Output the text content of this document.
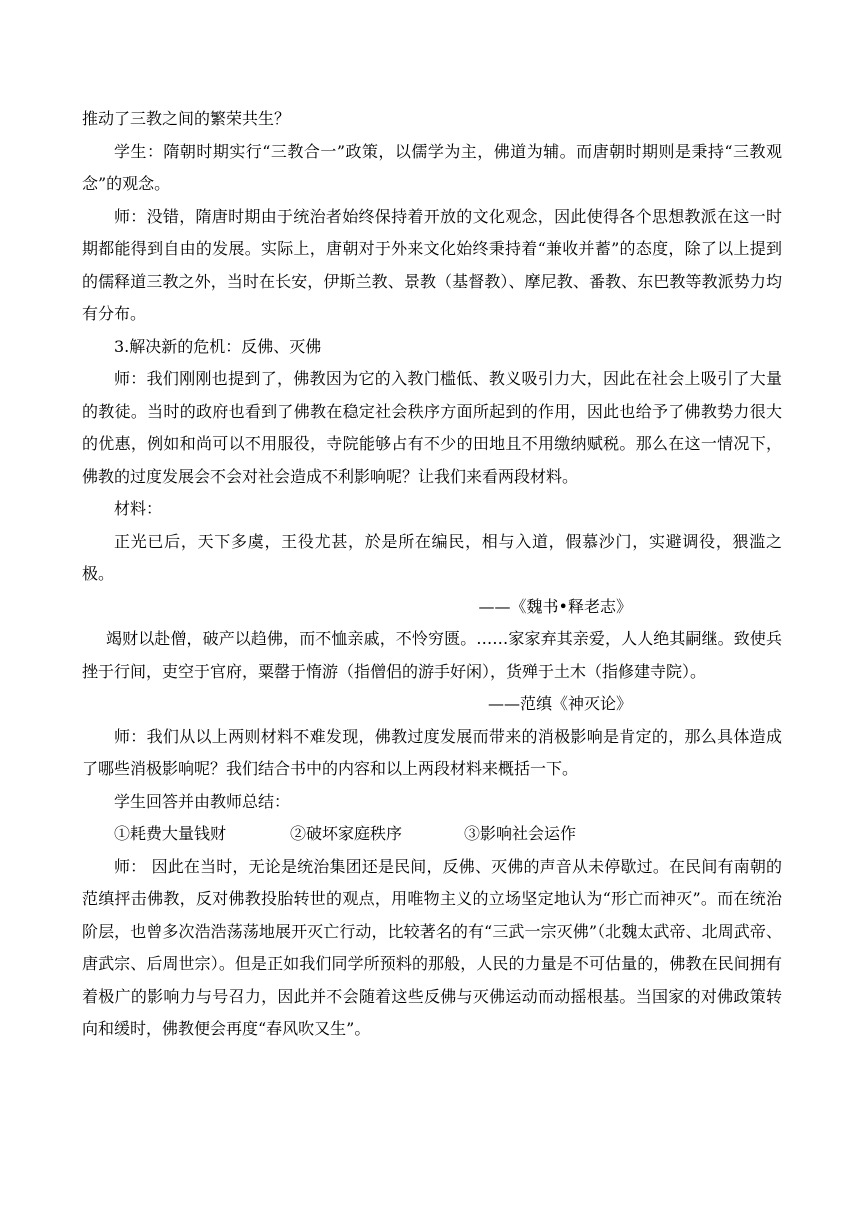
推动了三教之间的繁荣共生？

学生：隋朝时期实行“三教合一”政策，以儒学为主，佛道为辅。而唐朝时期则是秉持“三教观念”的观念。

师：没错，隋唐时期由于统治者始终保持着开放的文化观念，因此使得各个思想教派在这一时期都能得到自由的发展。实际上，唐朝对于外来文化始终秉持着“兼收并蓄”的态度，除了以上提到的儒释道三教之外，当时在长安，伊斯兰教、景教（基督教）、摩尼教、番教、东巴教等教派势力均有分布。

3.解决新的危机：反佛、灭佛

师：我们刚刚也提到了，佛教因为它的入教门槛低、教义吸引力大，因此在社会上吸引了大量的教徒。当时的政府也看到了佛教在稳定社会秩序方面所起到的作用，因此也给予了佛教势力很大的优惠，例如和尚可以不用服役，寺院能够占有不少的田地且不用缴纳赋税。那么在这一情况下，佛教的过度发展会不会对社会造成不利影响呢？让我们来看两段材料。

材料：

正光已后，天下多虞，王役尤甚，於是所在编民，相与入道，假慕沙门，实避调役，猥滥之极。

——《魏书•释老志》

竭财以赴僧，破产以趋佛，而不恤亲戚，不怜穷匮。……家家弃其亲爱，人人绝其嗣继。致使兵挫于行间，吏空于官府，粟罄于惰游（指僧侣的游手好闲），货殚于土木（指修建寺院）。

——范缜《神灭论》

师：我们从以上两则材料不难发现，佛教过度发展而带来的消极影响是肯定的，那么具体造成了哪些消极影响呢？我们结合书中的内容和以上两段材料来概括一下。

学生回答并由教师总结：

①耗费大量钱财	②破坏家庭秩序	③影响社会运作

师： 因此在当时，无论是统治集团还是民间，反佛、灭佛的声音从未停歇过。在民间有南朝的范缜抨击佛教，反对佛教投胎转世的观点，用唯物主义的立场坚定地认为“形亡而神灭”。而在统治阶层，也曾多次浩浩荡荡地展开灭亡行动，比较著名的有“三武一宗灭佛”（北魏太武帝、北周武帝、唐武宗、后周世宗）。但是正如我们同学所预料的那般，人民的力量是不可估量的，佛教在民间拥有着极广的影响力与号召力，因此并不会随着这些反佛与灭佛运动而动摇根基。当国家的对佛政策转向和缓时，佛教便会再度“春风吹又生”。
